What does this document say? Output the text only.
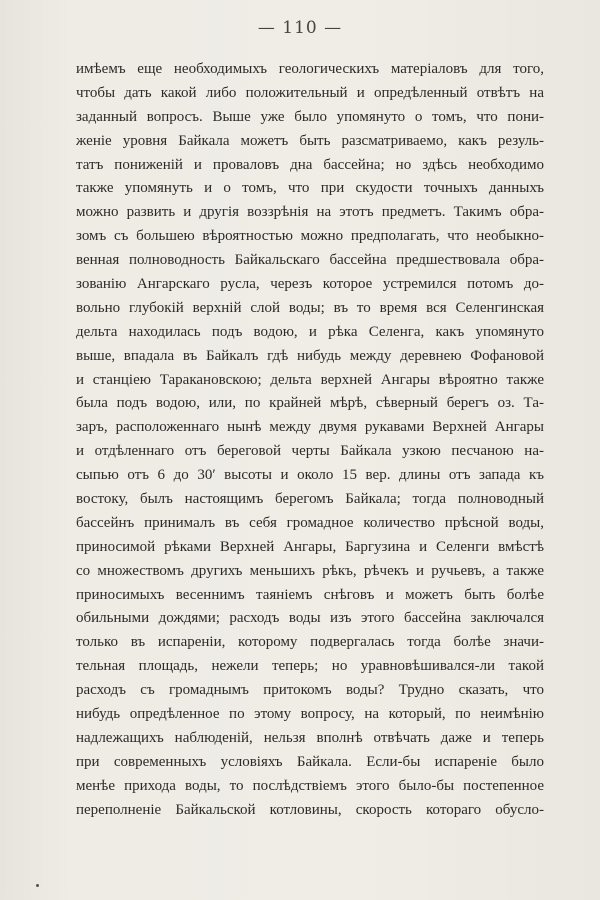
— 110 —
имѣемъ еще необходимыхъ геологическихъ матеріаловъ для того,
чтобы дать какой либо положительный и опредѣленный отвѣтъ на
заданный вопросъ. Выше уже было упомянуто о томъ, что пони-
женіе уровня Байкала можетъ быть разсматриваемо, какъ резуль-
татъ пониженій и проваловъ дна бассейна; но здѣсь необходимо
также упомянуть и о томъ, что при скудости точныхъ данныхъ
можно развить и другія воззрѣнія на этотъ предметъ. Такимъ обра-
зомъ съ большею вѣроятностью можно предполагать, что необыкно-
венная полноводность Байкальскаго бассейна предшествовала обра-
зованію Ангарскаго русла, черезъ которое устремился потомъ до-
вольно глубокій верхній слой воды; въ то время вся Селенгинская
дельта находилась подъ водою, и рѣка Селенга, какъ упомянуто
выше, впадала въ Байкалъ гдѣ нибудь между деревнею Фофановой
и станціею Таракановскою; дельта верхней Ангары вѣроятно также
была подъ водою, или, по крайней мѣрѣ, сѣверный берегъ оз. Та-
заръ, расположеннаго нынѣ между двумя рукавами Верхней Ангары
и отдѣленнаго отъ береговой черты Байкала узкою песчаною на-
сыпью отъ 6 до 30′ высоты и около 15 вер. длины отъ запада къ
востоку, былъ настоящимъ берегомъ Байкала; тогда полноводный
бассейнъ принималъ въ себя громадное количество прѣсной воды,
приносимой рѣками Верхней Ангары, Баргузина и Селенги вмѣстѣ
со множествомъ другихъ меньшихъ рѣкъ, рѣчекъ и ручьевъ, а также
приносимыхъ весеннимъ таяніемъ снѣговъ и можетъ быть болѣе
обильными дождями; расходъ воды изъ этого бассейна заключался
только въ испареніи, которому подвергалась тогда болѣе значи-
тельная площадь, нежели теперь; но уравновѣшивался-ли такой
расходъ съ громаднымъ притокомъ воды? Трудно сказать, что
нибудь опредѣленное по этому вопросу, на который, по неимѣнію
надлежащихъ наблюденій, нельзя вполнѣ отвѣчать даже и теперь
при современныхъ условіяхъ Байкала. Если-бы испареніе было
менѣе прихода воды, то послѣдствіемъ этого было-бы постепенное
переполненіе Байкальской котловины, скорость котораго обуслo-
